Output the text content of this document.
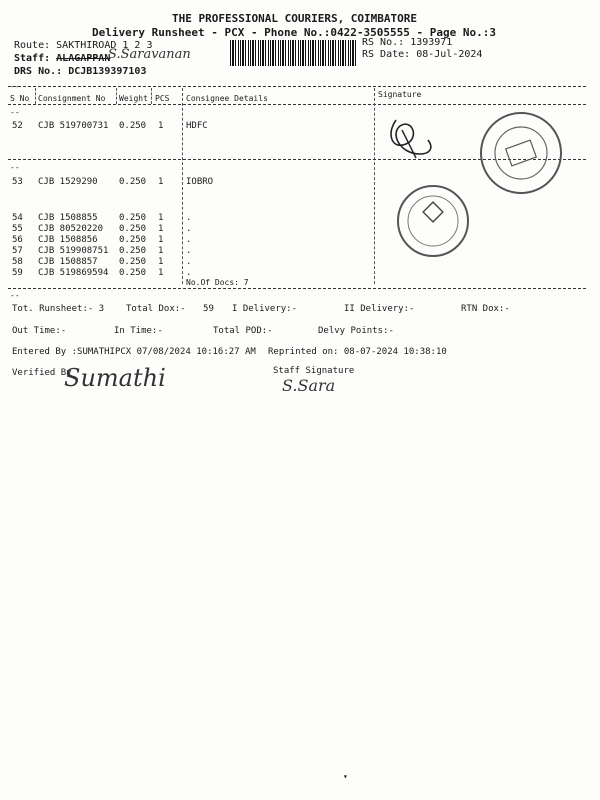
THE PROFESSIONAL COURIERS, COIMBATORE
Delivery Runsheet - PCX - Phone No.:0422-3505555 - Page No.:3
Route: SAKTHIROAD 1 2 3
Staff: ALAGAPPAN
S.Saravanan
DRS No.: DCJB139397103
RS No.: 1393971
RS Date: 08-Jul-2024
--
S No Consignment No Weight PCS Consignee Details	Signature
--
52 CJB 519700731 0.250 1	HDFC
--
53 CJB 1529290 0.250 1	IOBRO
54 CJB 1508855 0.250 1	.
55 CJB 80520220 0.250 1	.
56 CJB 1508856 0.250 1	.
57 CJB 519908751 0.250 1	.
58 CJB 1508857 0.250 1	.
59 CJB 519869594 0.250 1	.
No.Of Docs: 7
--
Tot. Runsheet:- 3 Total Dox:- 59 I Delivery:-	II Delivery:-	RTN Dox:-
Out Time:-	In Time:-	Total POD:-	Delvy Points:-
Entered By :SUMATHIPCX 07/08/2024 10:16:27 AM Reprinted on: 08-07-2024 10:38:10
Verified By
Sumathi	Staff Signature
S.Sara
▾
